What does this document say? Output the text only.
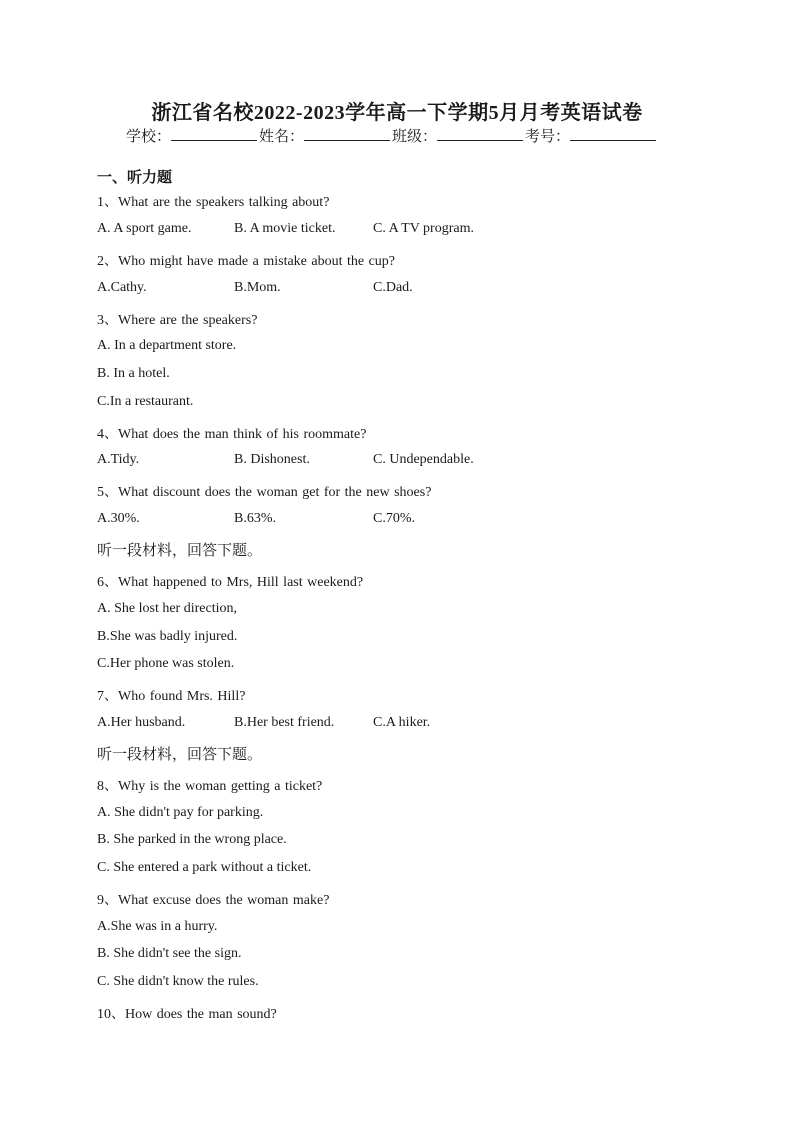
浙江省名校2022-2023学年高一下学期5月月考英语试卷
学校：	姓名：	班级：	考号：
一、听力题
1、What are the speakers talking about?
A. A sport game.	B. A movie ticket.	C. A TV program.
2、Who might have made a mistake about the cup?
A.Cathy.	B.Mom.	C.Dad.
3、Where are the speakers?
A. In a department store.
B. In a hotel.
C.In a restaurant.
4、What does the man think of his roommate?
A.Tidy.	B. Dishonest.	C. Undependable.
5、What discount does the woman get for the new shoes?
A.30%.	B.63%.	C.70%.
听一段材料，回答下题。
6、What happened to Mrs, Hill last weekend?
A. She lost her direction,
B.She was badly injured.
C.Her phone was stolen.
7、Who found Mrs. Hill?
A.Her husband.	B.Her best friend.	C.A hiker.
听一段材料，回答下题。
8、Why is the woman getting a ticket?
A. She didn't pay for parking.
B. She parked in the wrong place.
C. She entered a park without a ticket.
9、What excuse does the woman make?
A.She was in a hurry.
B. She didn't see the sign.
C. She didn't know the rules.
10、How does the man sound?
